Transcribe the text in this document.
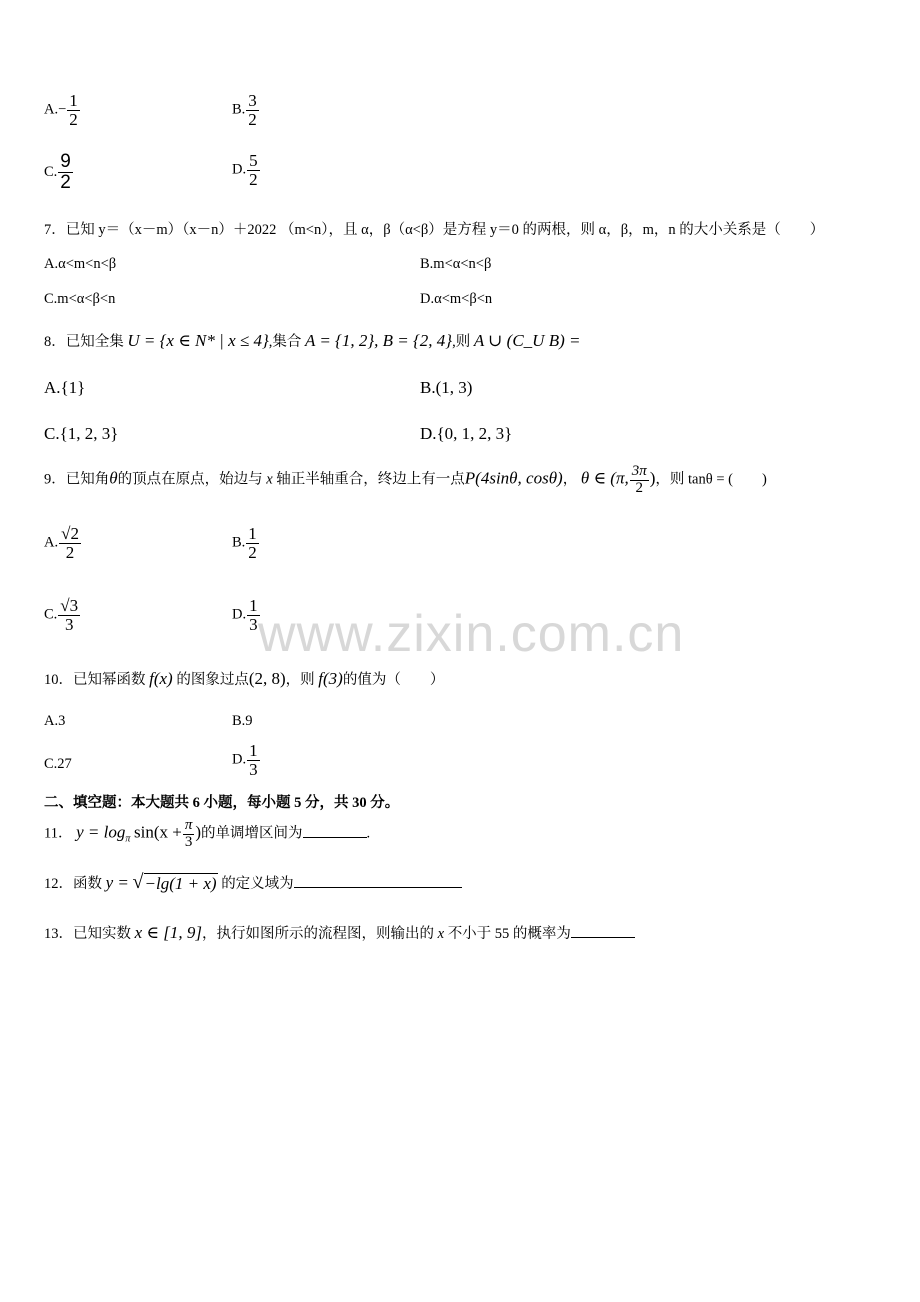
www.zixin.com.cn
$A.- \frac{1}{2}$	B. $\frac{3}{2}$
C. $\frac{9}{2}$	D. $\frac{5}{2}$
7．已知 y＝（x－m）（x－n）＋2022 （m<n），且 α，β（α<β）是方程 y＝0 的两根，则 α，β，m，n 的大小关系是（　　）
A.α<m<n<β	B.m<α<n<β
C.m<α<β<n	D.α<m<β<n
8．已知全集 U = {x ∈ N* | x ≤ 4},集合 A = {1, 2}, B = {2, 4},则 A ∪ (C_U B) =
A.{1}	B.(1, 3)
C.{1, 2, 3}	D.{0, 1, 2, 3}
9．已知角θ的顶点在原点，始边与 x 轴正半轴重合，终边上有一点P(4sinθ, cosθ)， θ ∈ (π, $\frac{3\pi}{2}$ )，则 tanθ = (　　)
A. $\frac{√2}{2}$	B. $\frac{1}{2}$
C. $\frac{√3}{3}$	D. $\frac{1}{3}$
10．已知幂函数 f(x) 的图象过点(2, 8)，则 f(3)的值为（　　）
A.3	B.9
C.27	D. $\frac{1}{3}$
二、填空题：本大题共 6 小题，每小题 5 分，共 30 分。
11． $y = \log_\pi \sin(x + \frac{\pi}{3}$ )的单调增区间为	.
12．函数 y = √ −lg(1 + x) 的定义域为
13．已知实数 x ∈ [1, 9]，执行如图所示的流程图，则输出的 x 不小于 55 的概率为
